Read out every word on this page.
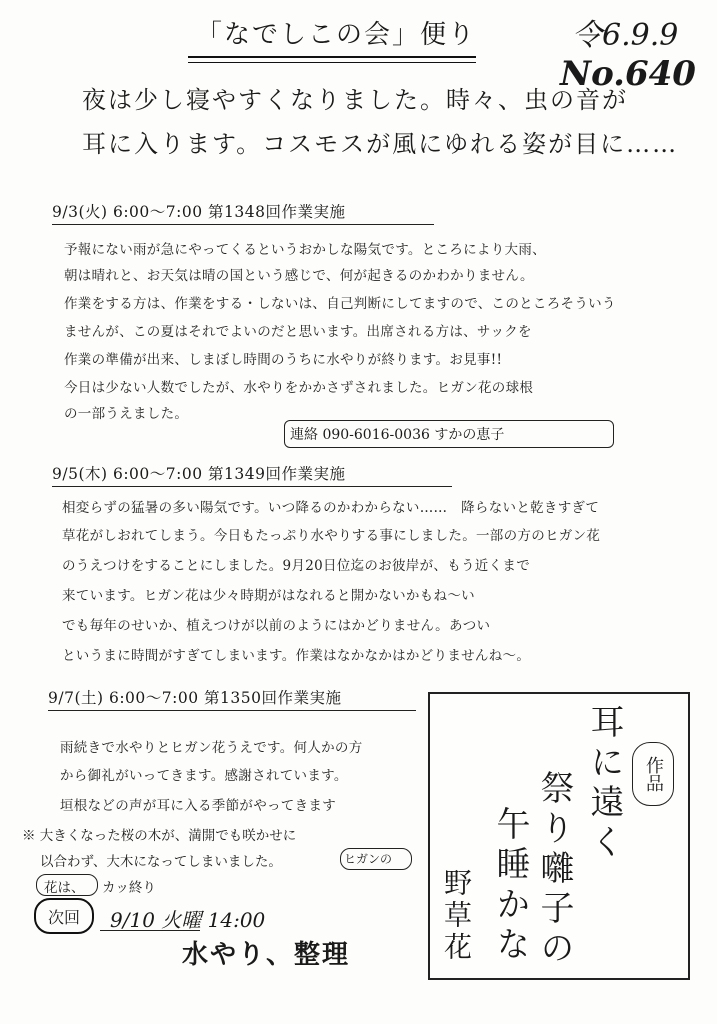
「なでしこの会」便り	令6.9.9
No.640
夜は少し寝やすくなりました。時々、虫の音が
耳に入ります。コスモスが風にゆれる姿が目に……
9/3(火) 6:00〜7:00 第1348回作業実施
予報にない雨が急にやってくるというおかしな陽気です。ところにより大雨、
朝は晴れと、お天気は晴の国という感じで、何が起きるのかわかりません。
作業をする方は、作業をする・しないは、自己判断にしてますので、このところそういう
ませんが、この夏はそれでよいのだと思います。出席される方は、サックを
作業の準備が出来、しまぼし時間のうちに水やりが終ります。お見事!!
今日は少ない人数でしたが、水やりをかかさずされました。ヒガン花の球根
の一部うえました。
連絡 090-6016-0036 すかの恵子
9/5(木) 6:00〜7:00 第1349回作業実施
相変らずの猛暑の多い陽気です。いつ降るのかわからない……　降らないと乾きすぎて
草花がしおれてしまう。今日もたっぷり水やりする事にしました。一部の方のヒガン花
のうえつけをすることにしました。9月20日位迄のお彼岸が、もう近くまで
来ています。ヒガン花は少々時期がはなれると開かないかもね〜い
でも毎年のせいか、植えつけが以前のようにはかどりません。あつい
というまに時間がすぎてしまいます。作業はなかなかはかどりませんね〜。
9/7(土) 6:00〜7:00 第1350回作業実施
雨続きで水やりとヒガン花うえです。何人かの方
から御礼がいってきます。感謝されています。
垣根などの声が耳に入る季節がやってきます
作品
耳に遠く
祭り囃子の
午睡かな
野草花
※ 大きくなった桜の木が、満開でも咲かせに
以合わず、大木になってしまいました。	ヒガンの
花は、 カッ終り
次回	9/10 火曜 14:00
水やり、整理
